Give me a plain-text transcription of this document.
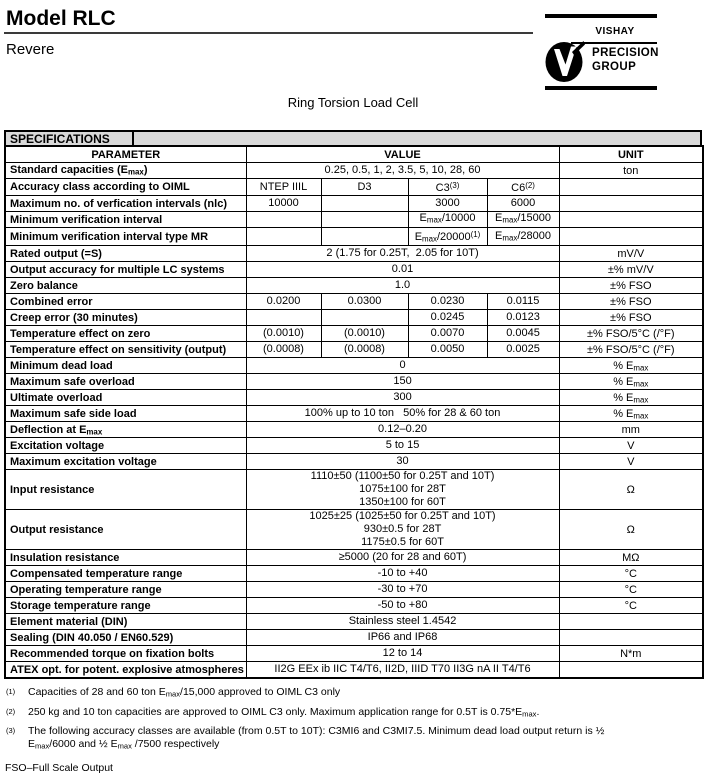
Model RLC
Revere
VISHAY
PRECISION
GROUP
Ring Torsion Load Cell
SPECIFICATIONS
PARAMETER	VALUE				UNIT
Standard capacities $(E_{max})$	0.25, 0.5, 1, 2, 3.5, 5, 10, 28, 60				ton
Accuracy class according to OIML	NTEP IIIL	D3	C3$^{(3)}$	C6$^{(2)}$	
Maximum no. of verfication intervals (nlc)	10000		3000	6000	
Minimum verification interval			$E_{max}/10000$	$E_{max}/15000$	
Minimum verification interval type MR			$E_{max}/20000^{(1)}$	$E_{max}/28000$	
Rated output (=S)	2 (1.75 for 0.25T,  2.05 for 10T)				mV/V
Output accuracy for multiple LC systems	0.01				±% mV/V
Zero balance	1.0				±% FSO
Combined error	0.0200	0.0300	0.0230	0.0115	±% FSO
Creep error (30 minutes)			0.0245	0.0123	±% FSO
Temperature effect on zero	(0.0010)	(0.0010)	0.0070	0.0045	±% FSO/5°C (/°F)
Temperature effect on sensitivity (output)	(0.0008)	(0.0008)	0.0050	0.0025	±% FSO/5°C (/°F)
Minimum dead load	0				% $E_{max}$
Maximum safe overload	150				% $E_{max}$
Ultimate overload	300				% $E_{max}$
Maximum safe side load	100% up to 10 ton   50% for 28 & 60 ton				% $E_{max}$
Deflection at $E_{max}$	0.12–0.20				mm
Excitation voltage	5 to 15				V
Maximum excitation voltage	30				V
Input resistance	1110±50 (1100±50 for 0.25T and 10T)
1075±100 for 28T
1350±100 for 60T				Ω
Output resistance	1025±25 (1025±50 for 0.25T and 10T)
930±0.5 for 28T
1175±0.5 for 60T				Ω
Insulation resistance	≥5000 (20 for 28 and 60T)				MΩ
Compensated temperature range	-10 to +40				°C
Operating temperature range	-30 to +70				°C
Storage temperature range	-50 to +80				°C
Element material (DIN)	Stainless steel 1.4542				
Sealing (DIN 40.050 / EN60.529)	IP66 and IP68				
Recommended torque on fixation bolts	12 to 14				N*m
ATEX opt. for potent. explosive atmospheres	II2G EEx ib IIC T4/T6, II2D, IIID T70 II3G nA II T4/T6				
(1)	Capacities of 28 and 60 ton $E_{max}/15,000$ approved to OIML C3 only
(2)	250 kg and 10 ton capacities are approved to OIML C3 only. Maximum application range for 0.5T is $0.75*E_{max}$.
(3)	The following accuracy classes are available (from 0.5T to 10T): C3MI6 and C3MI7.5. Minimum dead load output return is ½ $E_{max}/6000$ and ½ $E_{max}$ /7500 respectively
FSO–Full Scale Output
